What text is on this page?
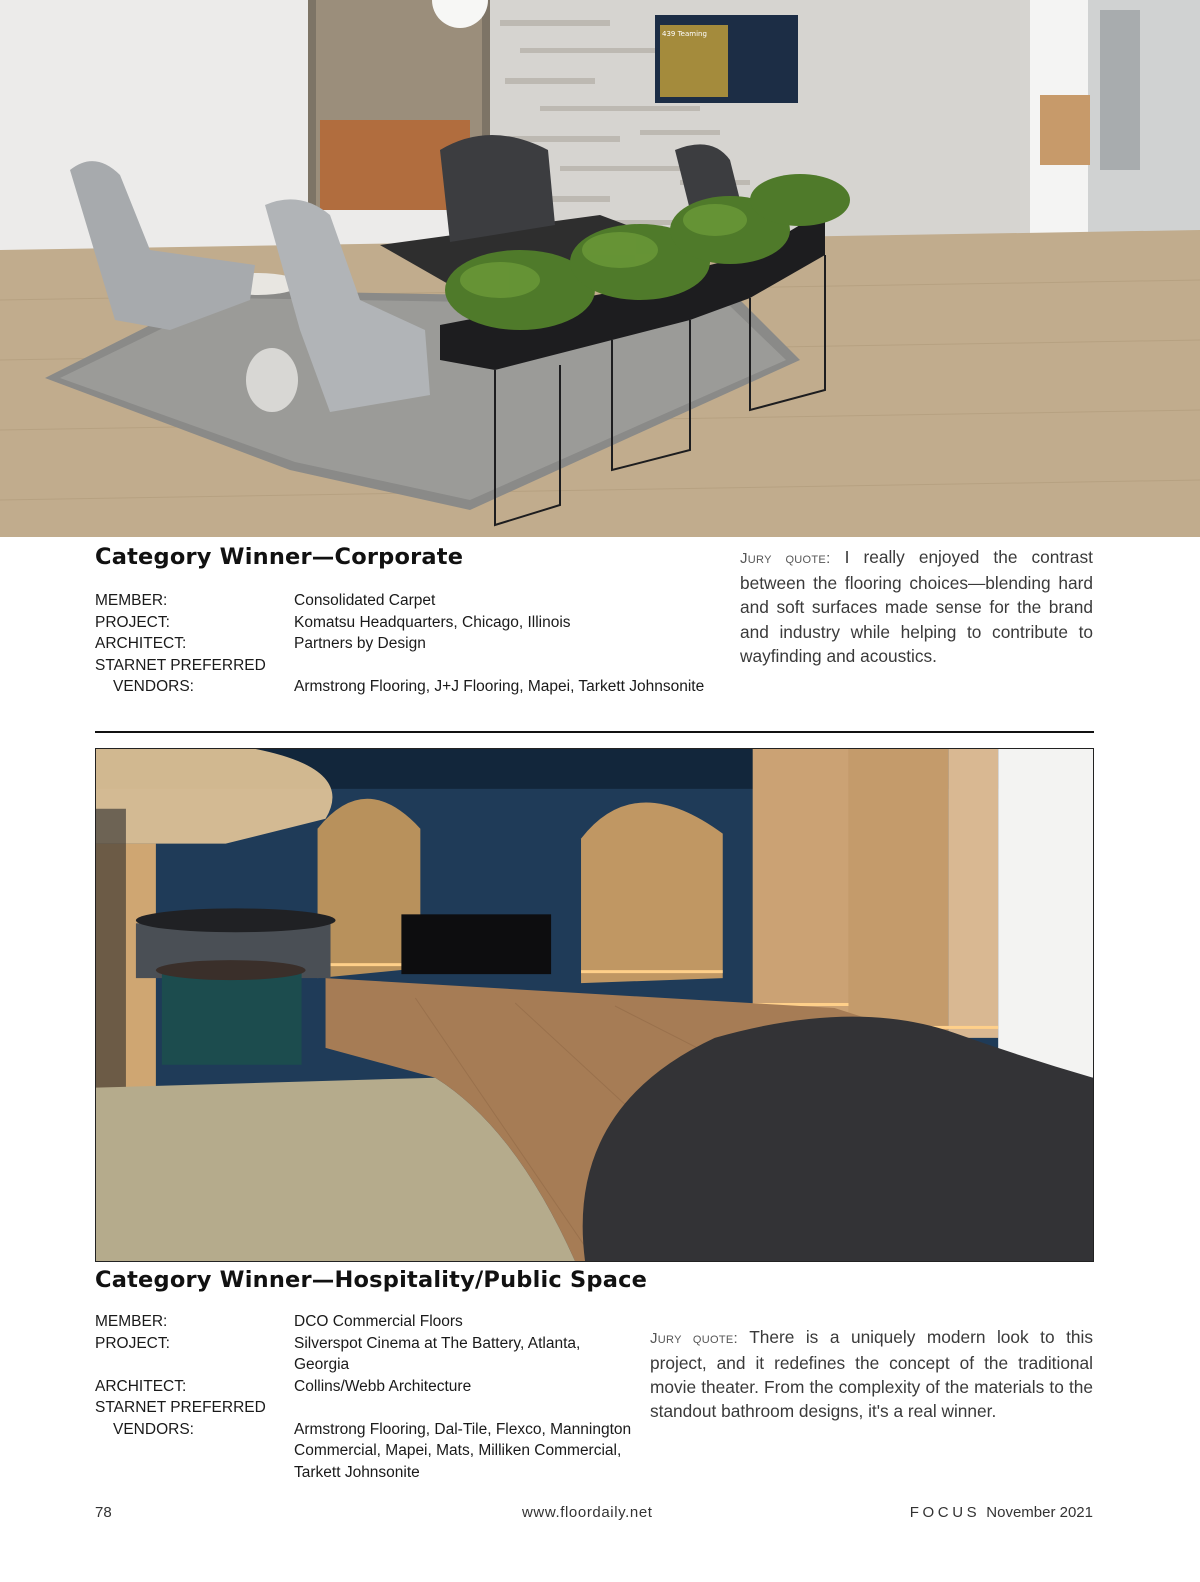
439 Teaming
Category Winner—Corporate
MEMBER:	Consolidated Carpet
PROJECT:	Komatsu Headquarters, Chicago, Illinois
ARCHITECT:	Partners by Design
STARNET PREFERRED
VENDORS:	Armstrong Flooring, J+J Flooring, Mapei, Tarkett Johnsonite
Jury quote: I really enjoyed the contrast between the flooring choices—blending hard and soft surfaces made sense for the brand and industry while helping to contribute to wayfinding and acoustics.
Category Winner—Hospitality/Public Space
MEMBER:	DCO Commercial Floors
PROJECT:	Silverspot Cinema at The Battery, Atlanta, Georgia
ARCHITECT:	Collins/Webb Architecture
STARNET PREFERRED
VENDORS:	Armstrong Flooring, Dal-Tile, Flexco, Mannington Commercial, Mapei, Mats, Milliken Commercial, Tarkett Johnsonite
Jury quote: There is a uniquely modern look to this project, and it redefines the concept of the traditional movie theater. From the complexity of the materials to the standout bathroom designs, it's a real winner.
78	www.floordaily.net	FOCUS November 2021
